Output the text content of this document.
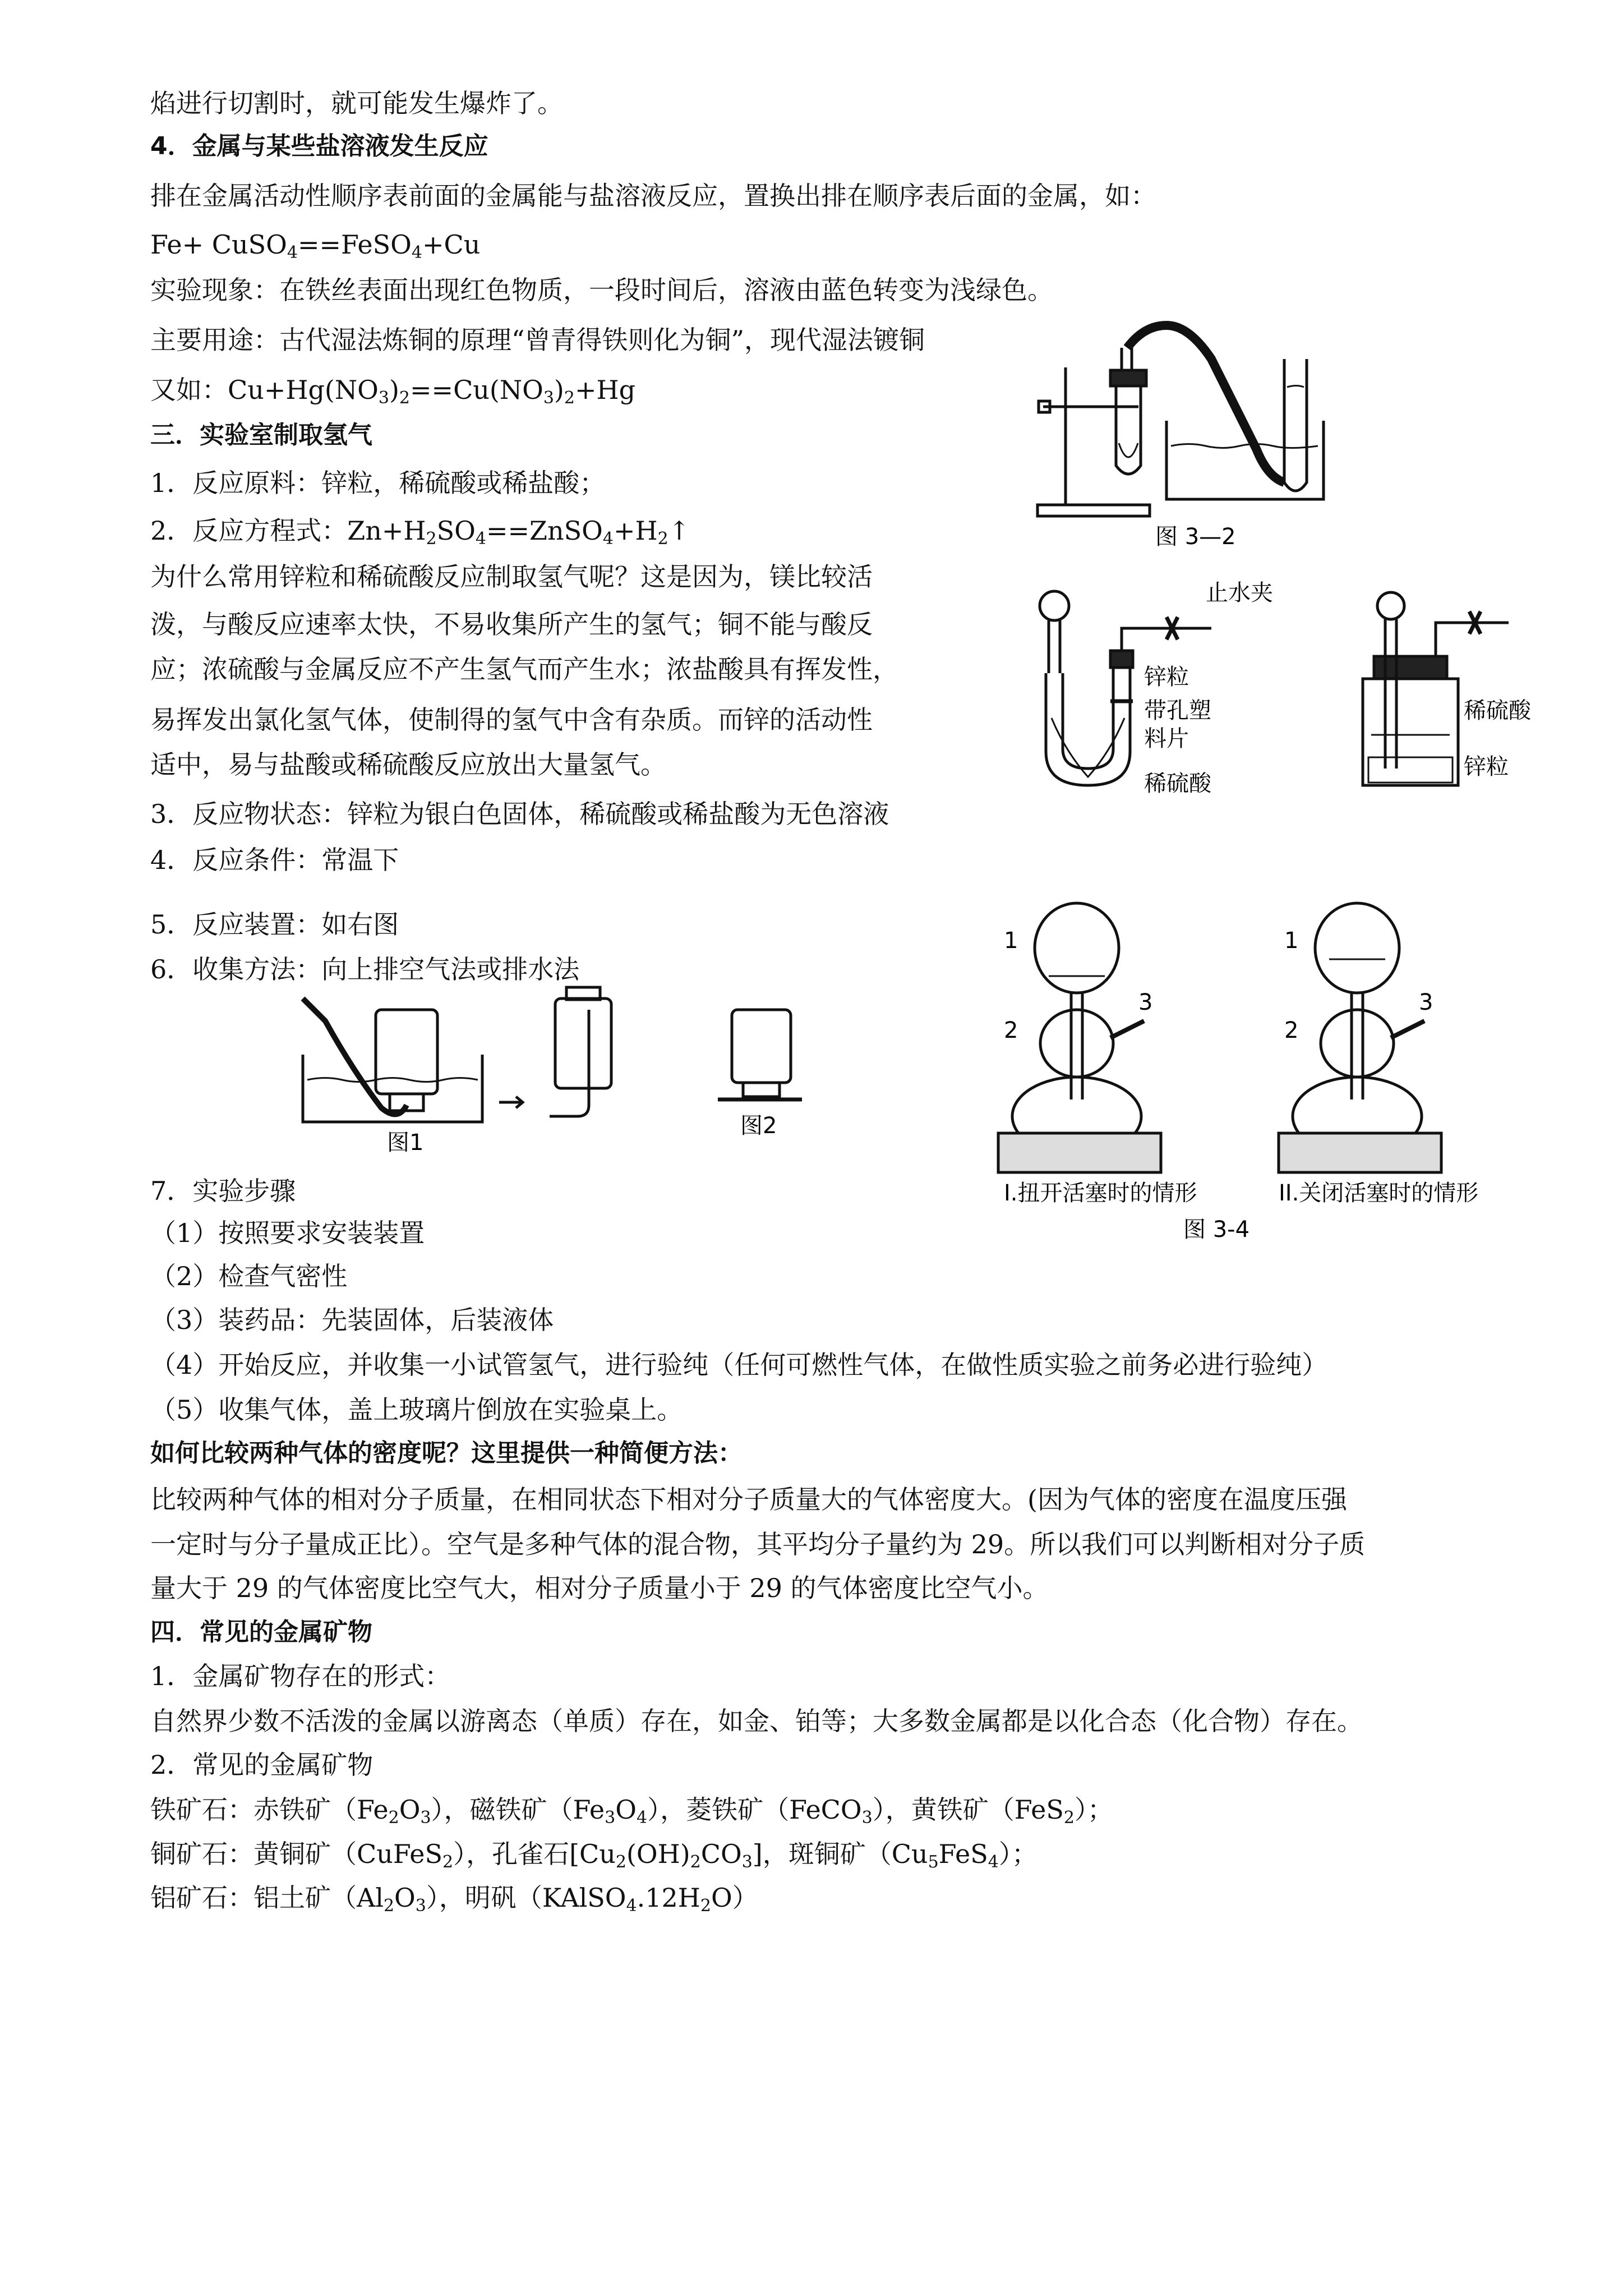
焰进行切割时，就可能发生爆炸了。
4．金属与某些盐溶液发生反应
排在金属活动性顺序表前面的金属能与盐溶液反应，置换出排在顺序表后面的金属，如：
Fe+ CuSO$_4$==FeSO$_4$+Cu
实验现象：在铁丝表面出现红色物质，一段时间后，溶液由蓝色转变为浅绿色。
主要用途：古代湿法炼铜的原理“曾青得铁则化为铜”，现代湿法镀铜
又如：$Cu+Hg(NO_3)_2==Cu(NO_3)_2+Hg$
三．实验室制取氢气
1．反应原料：锌粒，稀硫酸或稀盐酸；
2．反应方程式：$Zn+H_2SO_4==ZnSO_4+H_2↑$
为什么常用锌粒和稀硫酸反应制取氢气呢？这是因为，镁比较活
泼，与酸反应速率太快，不易收集所产生的氢气；铜不能与酸反
应；浓硫酸与金属反应不产生氢气而产生水；浓盐酸具有挥发性，
易挥发出氯化氢气体，使制得的氢气中含有杂质。而锌的活动性
适中，易与盐酸或稀硫酸反应放出大量氢气。
3．反应物状态：锌粒为银白色固体，稀硫酸或稀盐酸为无色溶液
4．反应条件：常温下
5．反应装置：如右图
6．收集方法：向上排空气法或排水法
7．实验步骤
（1）按照要求安装装置
（2）检查气密性
（3）装药品：先装固体，后装液体
（4）开始反应，并收集一小试管氢气，进行验纯（任何可燃性气体，在做性质实验之前务必进行验纯）
（5）收集气体，盖上玻璃片倒放在实验桌上。
如何比较两种气体的密度呢？这里提供一种简便方法：
比较两种气体的相对分子质量，在相同状态下相对分子质量大的气体密度大。(因为气体的密度在温度压强
一定时与分子量成正比）。空气是多种气体的混合物，其平均分子量约为 29。所以我们可以判断相对分子质
量大于 29 的气体密度比空气大，相对分子质量小于 29 的气体密度比空气小。
四．常见的金属矿物
1．金属矿物存在的形式：
自然界少数不活泼的金属以游离态（单质）存在，如金、铂等；大多数金属都是以化合态（化合物）存在。
2．常见的金属矿物
铁矿石：赤铁矿$(Fe_2O_3)$，磁铁矿$(Fe_3O_4)$，菱铁矿（FeCO$_3$），黄铁矿（FeS$_2$）；
铜矿石：黄铜矿（CuFeS$_2$），孔雀石$[Cu_2(OH)_2CO_3]$，斑铜矿$(Cu_5FeS_4)$；
铝矿石：铝土矿$(Al_2O_3)$，明矾$(KAlSO_4.12H_2O)$
图 3—2
止水夹
锌粒
带孔塑
料片
稀硫酸
稀硫酸
锌粒
图1
图2
1
2
3
1
2
3
I.扭开活塞时的情形	II.关闭活塞时的情形
图 3-4
